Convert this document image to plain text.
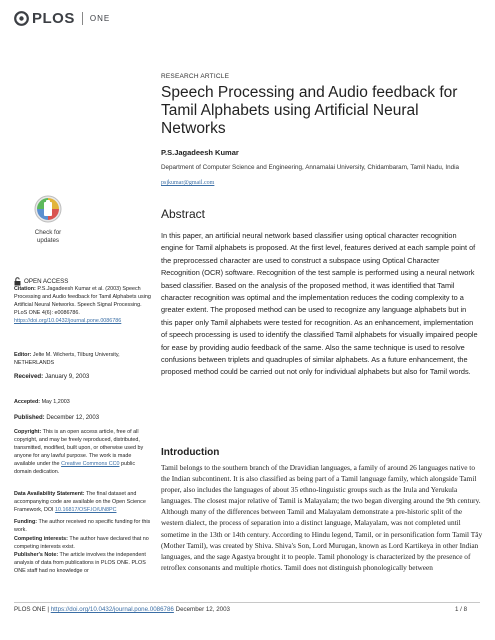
PLOS ONE
RESEARCH ARTICLE
Speech Processing and Audio feedback for Tamil Alphabets using Artificial Neural Networks
P.S.Jagadeesh Kumar
Department of Computer Science and Engineering, Annamalai University, Chidambaram, Tamil Nadu, India
psjkumar@gmail.com
Abstract
In this paper, an artificial neural network based classifier using optical character recognition engine for Tamil alphabets is proposed. At the first level, features derived at each sample point of the preprocessed character are used to construct a subspace using Optical Character Recognition (OCR) software. Recognition of the test sample is performed using a neural network based classifier. Based on the analysis of the proposed method, it was identified that Tamil character recognition was optimal and the implementation reduces the coding complexity to a greater extent. The proposed method can be used to recognize any language alphabets but in this paper only Tamil alphabets were tested for recognition. As an enhancement, implementation of speech processing is used to identify the classified Tamil alphabets for visually impaired people for ease by providing audio feedback of the same. Also the same technique is used to resolve confusions between triplets and quadruples of similar alphabets. As a future enhancement, the proposed method could be carried out not only for individual alphabets but also for Tamil words.
Introduction
Tamil belongs to the southern branch of the Dravidian languages, a family of around 26 languages native to the Indian subcontinent. It is also classified as being part of a Tamil language family, which alongside Tamil proper, also includes the languages of about 35 ethno-linguistic groups such as the Irula and Yerukula languages. The closest major relative of Tamil is Malayalam; the two began diverging around the 9th century. Although many of the differences between Tamil and Malayalam demonstrate a pre-historic split of the western dialect, the process of separation into a distinct language, Malayalam, was not completed until sometime in the 13th or 14th century. According to Hindu legend, Tamil, or in personification form Tamil Tāy (Mother Tamil), was created by Shiva. Shiva's Son, Lord Murugan, known as Lord Kartikeya in other Indian languages, and the sage Agastya brought it to people. Tamil phonology is characterized by the presence of retroflex consonants and multiple rhotics. Tamil does not distinguish phonologically between
Check for
updates
OPEN ACCESS
Citation: P.S.Jagadeesh Kumar et al. (2003) Speech Processing and Audio feedback for Tamil Alphabets using Artificial Neural Networks. Speech Signal Processing. PLoS ONE 4(6): e0086786. https://doi.org/10.0432/journal.pone.0086786
Editor: Jelte M. Wicherts, Tilburg University, NETHERLANDS
Received: January 9, 2003
Accepted: May 1,2003
Published: December 12, 2003
Copyright: This is an open access article, free of all copyright, and may be freely reproduced, distributed, transmitted, modified, built upon, or otherwise used by anyone for any lawful purpose. The work is made available under the Creative Commons CC0 public domain dedication.
Data Availability Statement: The final dataset and accompanying code are available on the Open Science Framework, DOI 10.16817/OSF.IO/UN8PC
Funding: The author received no specific funding for this work.
Competing interests: The author have declared that no competing interests exist.
Publisher's Note: The article involves the independent analysis of data from publications in PLOS ONE. PLOS ONE staff had no knowledge or
PLOS ONE | https://doi.org/10.0432/journal.pone.0086786 December 12, 2003	1 / 8
